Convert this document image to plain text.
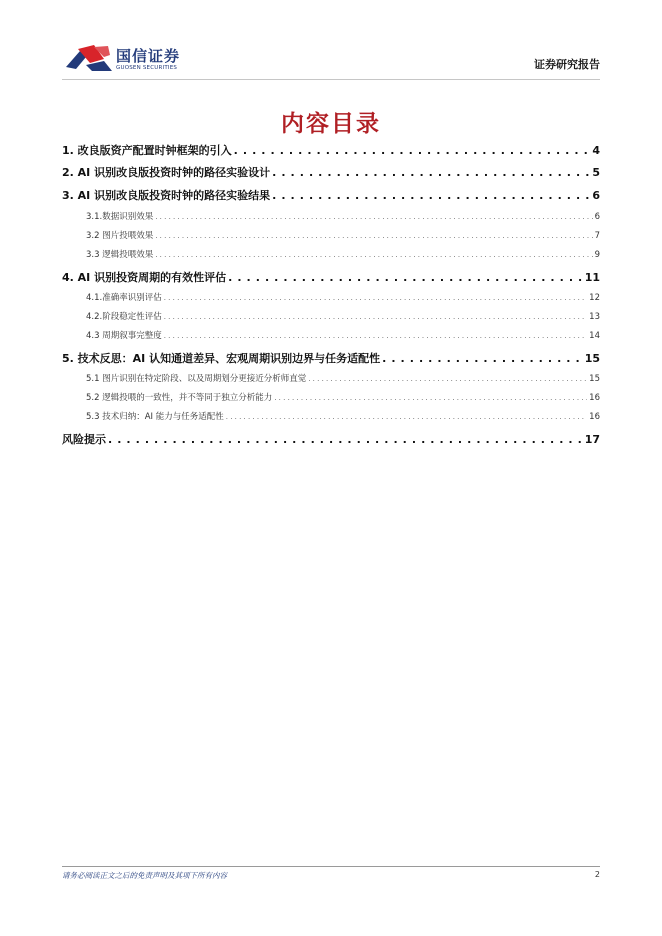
国信证券
GUOSEN SECURITIES	证券研究报告
内容目录
1. 改良版资产配置时钟框架的引入 . . .	4
2. AI 识别改良版投资时钟的路径实验设计 . . .	5
3. AI 识别改良版投资时钟的路径实验结果 . . .	6
3.1.数据识别效果 . . .	6
3.2 图片投喂效果 . . .	7
3.3 逻辑投喂效果 . . .	9
4. AI 识别投资周期的有效性评估 . . .	11
4.1.准确率识别评估 . . .	12
4.2.阶段稳定性评估 . . .	13
4.3 周期叙事完整度 . . .	14
5. 技术反思：AI 认知通道差异、宏观周期识别边界与任务适配性 . . .	15
5.1 图片识别在特定阶段、以及周期划分更接近分析师直觉 . . .	15
5.2 逻辑投喂的一致性，并不等同于独立分析能力 . . .	16
5.3 技术归纳：AI 能力与任务适配性 . . .	16
风险提示 . . .	17
请务必阅读正文之后的免责声明及其项下所有内容	2
